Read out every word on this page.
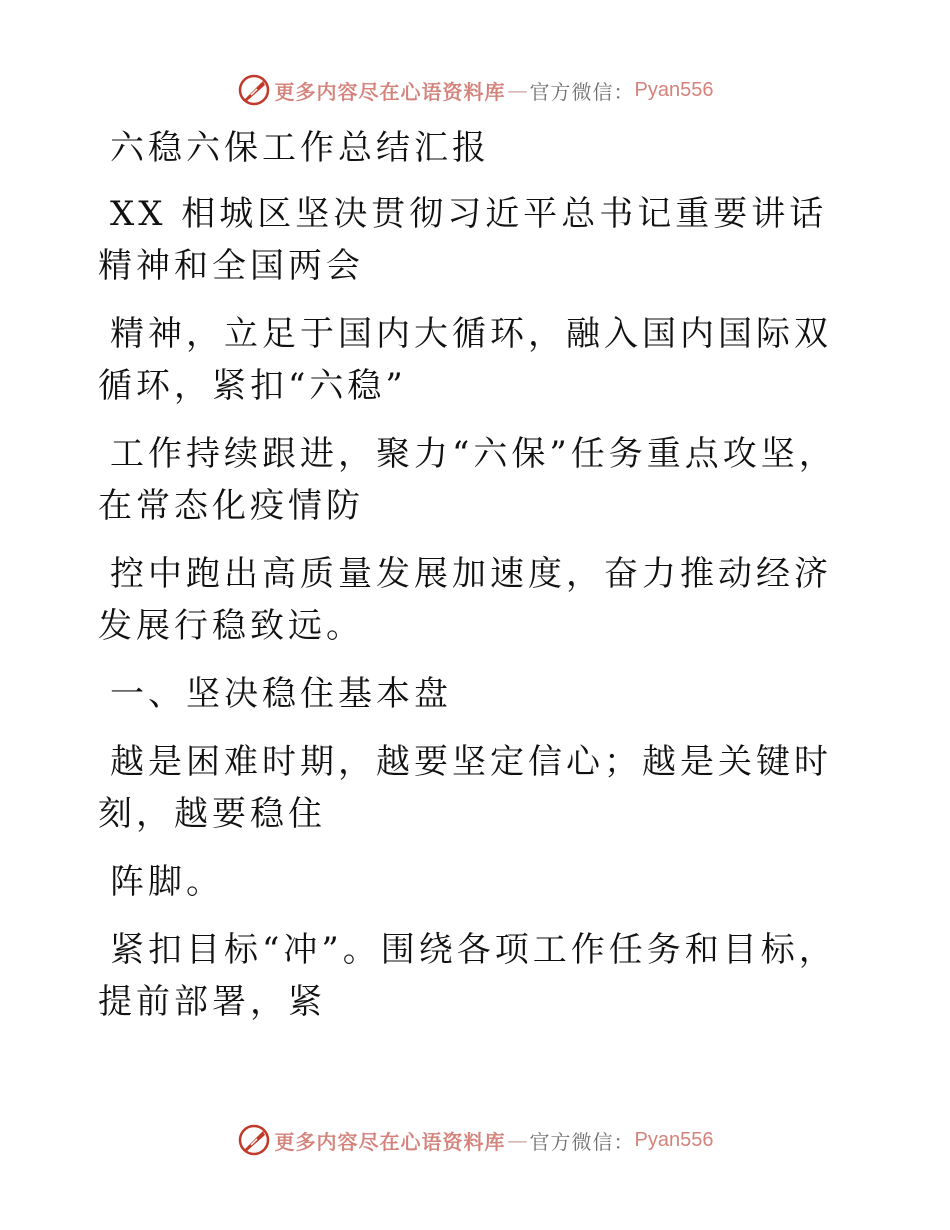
更多内容尽在心语资料库 — 官方微信： Pyan556

六稳六保工作总结汇报

XX 相城区坚决贯彻习近平总书记重要讲话精神和全国两会

精神，立足于国内大循环，融入国内国际双循环，紧扣“六稳”

工作持续跟进，聚力“六保”任务重点攻坚，在常态化疫情防

控中跑出高质量发展加速度，奋力推动经济发展行稳致远。

一、坚决稳住基本盘

越是困难时期，越要坚定信心；越是关键时刻，越要稳住

阵脚。

紧扣目标“冲”。围绕各项工作任务和目标，提前部署，紧

更多内容尽在心语资料库 — 官方微信： Pyan556
